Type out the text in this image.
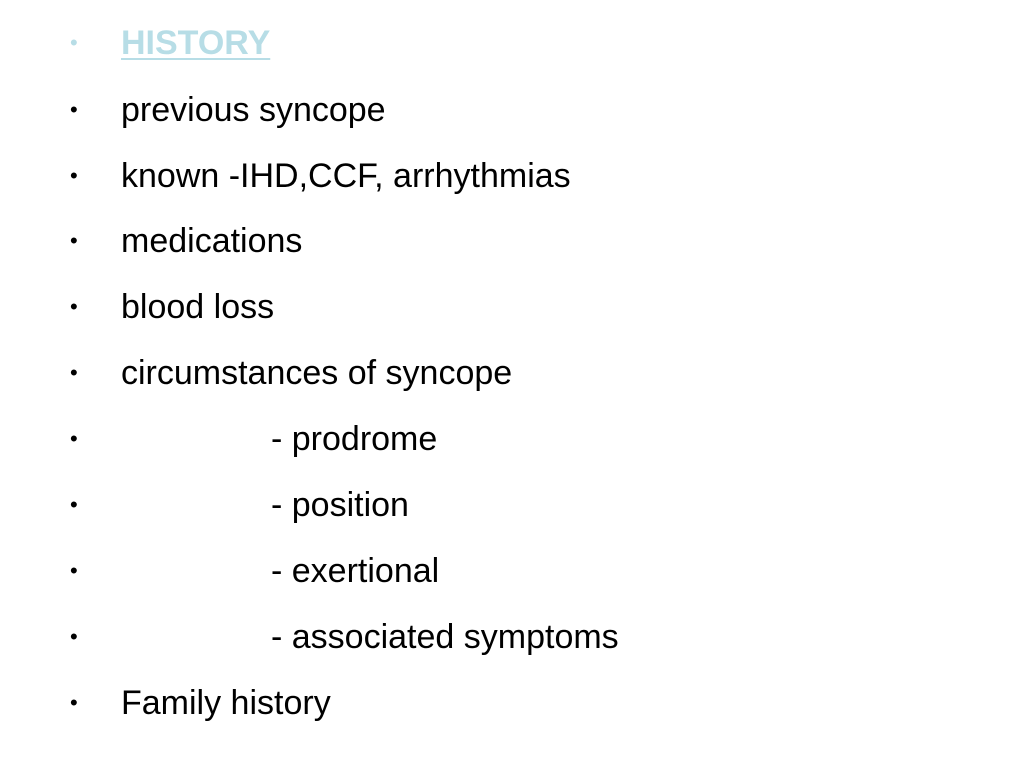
• HISTORY
• previous syncope
• known -IHD,CCF, arrhythmias
• medications
• blood loss
• circumstances of syncope
•	- prodrome
•	- position
•	- exertional
•	- associated symptoms
• Family history
